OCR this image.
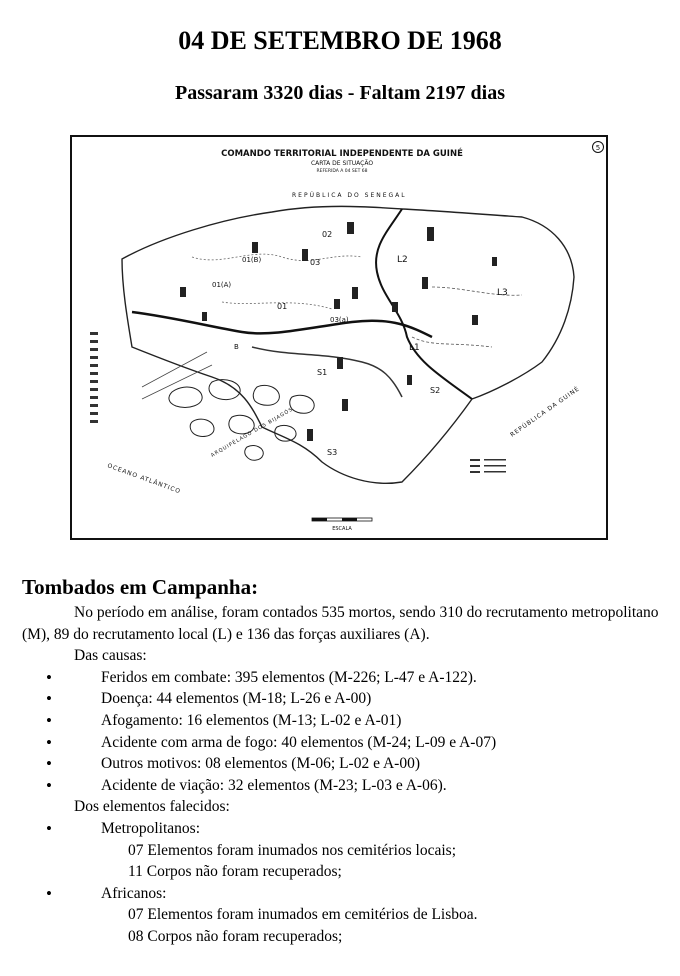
04 DE SETEMBRO DE 1968
Passaram 3320 dias - Faltam 2197 dias
COMANDO TERRITORIAL INDEPENDENTE DA GUINÉ
CARTA DE SITUAÇÃO
REFERIDA A 04 SET 68
5
ESCALA
REPÚBLICA DO SENEGAL
REPÚBLICA DA GUINÉ
OCEANO ATLÂNTICO
ARQUIPÉLAGO DOS BIJAGÓS
02
01(B)
01(A)
01
03
03(a)
L2
L3
L1
S1
S2
S3
B
Tombados em Campanha:
No período em análise, foram contados 535 mortos, sendo 310 do recrutamento metropolitano (M), 89 do recrutamento local (L) e 136 das forças auxiliares (A).
Das causas:
•	Feridos em combate: 395 elementos (M-226; L-47 e A-122).
•	Doença: 44 elementos (M-18; L-26 e A-00)
•	Afogamento: 16 elementos (M-13; L-02 e A-01)
•	Acidente com arma de fogo: 40 elementos (M-24; L-09 e A-07)
•	Outros motivos: 08 elementos (M-06; L-02 e A-00)
•	Acidente de viação: 32 elementos (M-23; L-03 e A-06).
Dos elementos falecidos:
•	Metropolitanos:
07 Elementos foram inumados nos cemitérios locais;
11 Corpos não foram recuperados;
•	Africanos:
07 Elementos foram inumados em cemitérios de Lisboa.
08 Corpos não foram recuperados;
